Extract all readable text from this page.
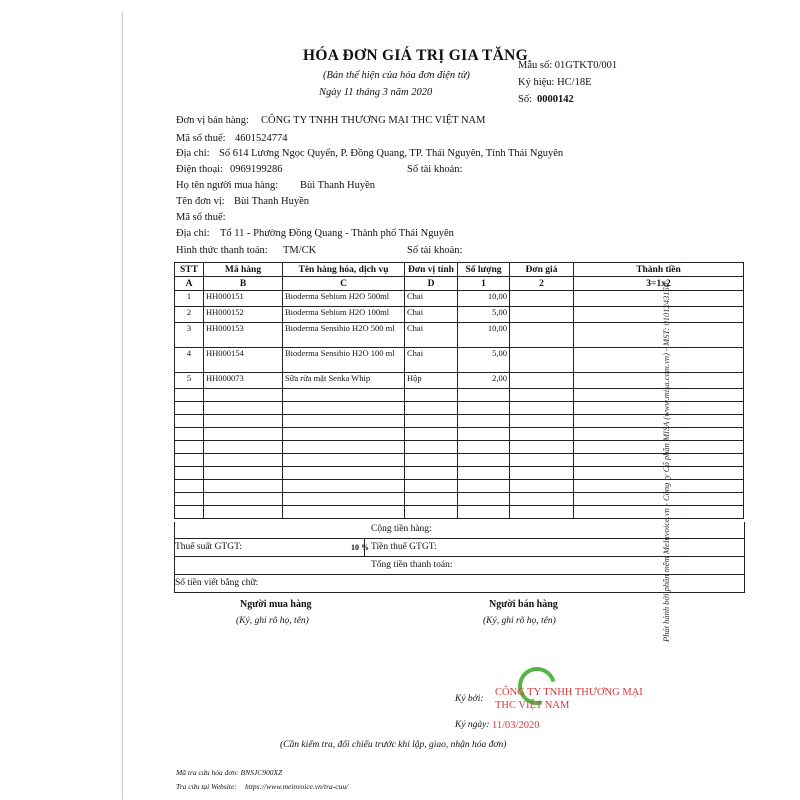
HÓA ĐƠN GIÁ TRỊ GIA TĂNG
(Bản thể hiện của hóa đơn điện tử)
Ngày 11 tháng 3 năm 2020
Mẫu số: 01GTKT0/001
Ký hiệu: HC/18E
Số: 0000142
Đơn vị bán hàng: CÔNG TY TNHH THƯƠNG MẠI THC VIỆT NAM
Mã số thuế: 4601524774
Địa chỉ: Số 614 Lương Ngọc Quyến, P. Đồng Quang, TP. Thái Nguyên, Tỉnh Thái Nguyên
Điện thoại: 0969199286	Số tài khoản:
Họ tên người mua hàng: Bùi Thanh Huyền
Tên đơn vị: Bùi Thanh Huyền
Mã số thuế:
Địa chỉ: Tổ 11 - Phường Đồng Quang - Thành phố Thái Nguyên
Hình thức thanh toán: TM/CK	Số tài khoản:
STT	Mã hàng	Tên hàng hóa, dịch vụ	Đơn vị tính	Số lượng	Đơn giá	Thành tiền
A	B	C	D	1	2	3=1x2
1	HH000151	Bioderma Sebium H2O 500ml	Chai	10,00		
2	HH000152	Bioderma Sebium H2O 100ml	Chai	5,00		
3	HH000153	Bioderma Sensibio H2O 500 ml	Chai	10,00		
4	HH000154	Bioderma Sensibio H2O 100 ml	Chai	5,00		
5	HH000073	Sữa rửa mặt Senka Whip	Hộp	2,00		

Cộng tiền hàng:
Thuế suất GTGT:	10 % Tiền thuế GTGT:
Tổng tiền thanh toán:
Số tiền viết bằng chữ:
Người mua hàng
(Ký, ghi rõ họ, tên)
Người bán hàng
(Ký, ghi rõ họ, tên)
Ký bởi:
CÔNG TY TNHH THƯƠNG MẠI
THC VIỆT NAM
Ký ngày: 11/03/2020
(Cần kiểm tra, đối chiếu trước khi lập, giao, nhận hóa đơn)
Mã tra cứu hóa đơn: BNSJC900XZ
Tra cứu tại Website: https://www.meinvoice.vn/tra-cuu/
Phát hành bởi phần mềm MeInvoice.vn - Công ty Cổ phần MISA (www.misa.com.vn) - MST: 0101243150
